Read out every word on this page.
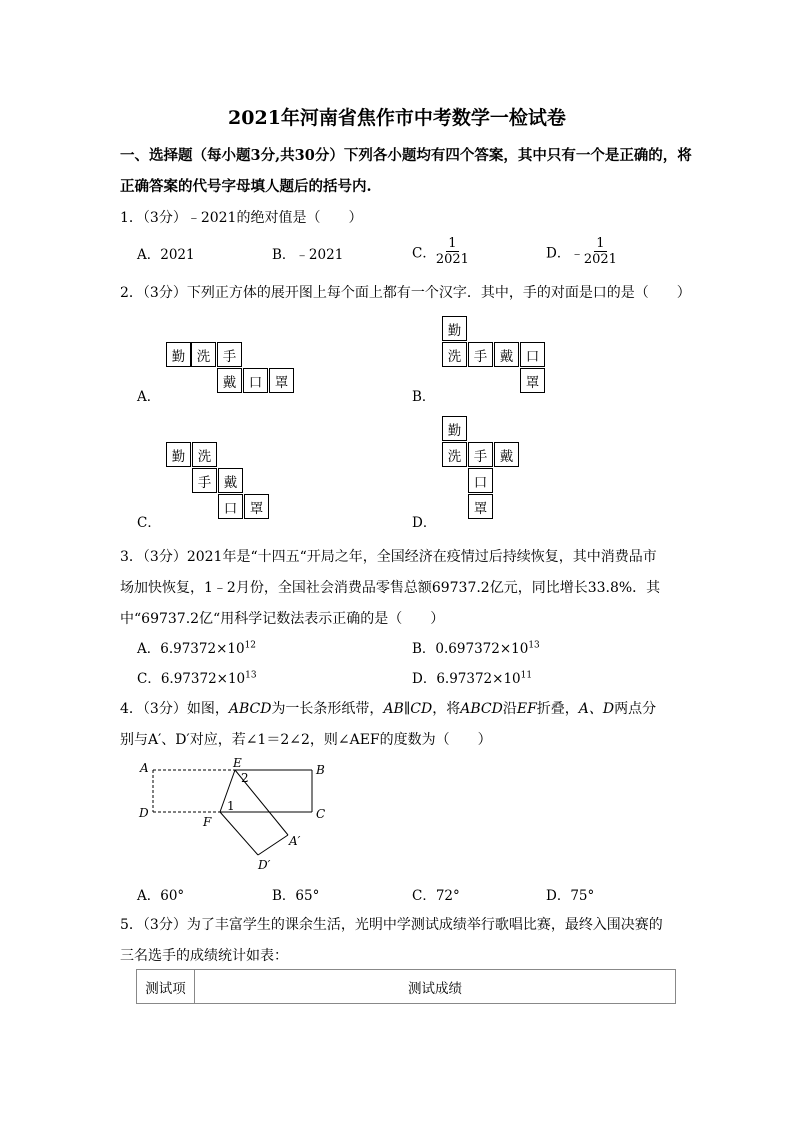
2021年河南省焦作市中考数学一检试卷
一、选择题（每小题3分,共30分）下列各小题均有四个答案，其中只有一个是正确的，将
正确答案的代号字母填人题后的括号内.
1．（3分）﹣2021的绝对值是（　　）
A．2021	B．﹣2021	C． $\frac{1}{2021}$	D．﹣ $\frac{1}{2021}$
2．（3分）下列正方体的展开图上每个面上都有一个汉字．其中，手的对面是口的是（　　）
勤 洗 手
戴 口 罩
A．
勤
洗 手 戴 口
罩
B．
勤 洗
手 戴
口 罩
C．
勤
洗 手 戴
口
罩
D．
3．（3分）2021年是“十四五“开局之年，全国经济在疫情过后持续恢复，其中消费品市
场加快恢复，1﹣2月份，全国社会消费品零售总额69737.2亿元，同比增长33.8%．其
中“69737.2亿“用科学记数法表示正确的是（　　）
A．$6.97372\times 10^{12}$	B．$0.697372\times 10^{13}$
C．$6.97372\times 10^{13}$	D．$6.97372\times 10^{11}$
4．（3分）如图，ABCD为一长条形纸带，AB∥CD，将ABCD沿EF折叠，A、D两点分
别与A′、D′对应，若∠1＝2∠2，则∠AEF的度数为（　　）
A	B
C
D
E
F
A′
D′
2
1
A．60°	B．65°	C．72°	D．75°
5．（3分）为了丰富学生的课余生活，光明中学测试成绩举行歌唱比赛，最终入围决赛的
三名选手的成绩统计如表：
测试项	测试成绩
